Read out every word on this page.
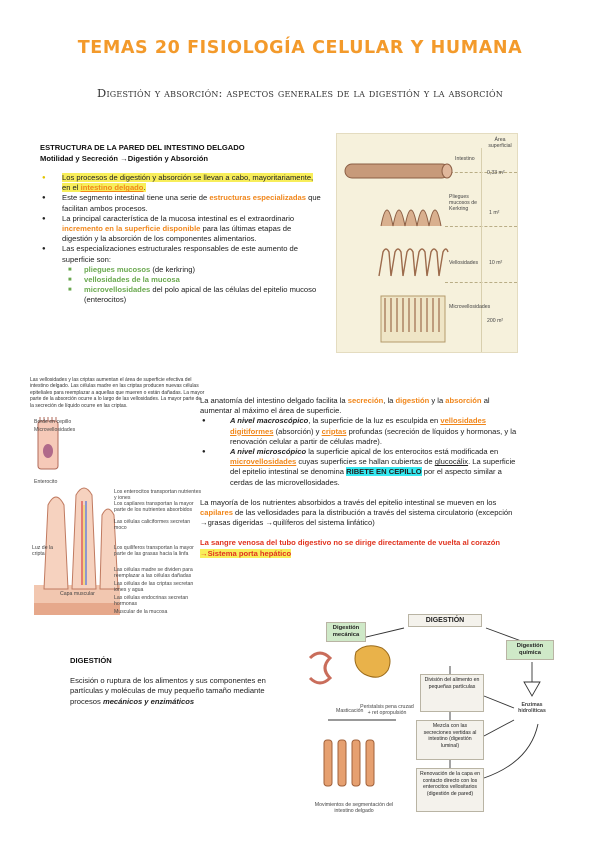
TEMAS 20 FISIOLOGÍA CELULAR Y HUMANA
Digestión y absorción: aspectos generales de la digestión y la absorción
ESTRUCTURA DE LA PARED DEL INTESTINO DELGADO
Motilidad y Secreción →Digestión y Absorción
● Los procesos de digestión y absorción se llevan a cabo, mayoritariamente, en el intestino delgado.
● Este segmento intestinal tiene una serie de estructuras especializadas que facilitan ambos procesos.
● La principal característica de la mucosa intestinal es el extraordinario incremento en la superficie disponible para las últimas etapas de digestión y la absorción de los componentes alimentarios.
● Las especializaciones estructurales responsables de este aumento de superficie son:
■ pliegues mucosos (de kerkring)
■ vellosidades de la mucosa
■ microvellosidades del polo apical de las células del epitelio mucoso (enterocitos)
Área superficial
Intestino
0,33 m²
Pliegues mucosos de Kerkring
1 m²
Vellosidades 10 m²
Microvellosidades
200 m²
Las vellosidades y las criptas aumentan el área de superficie efectiva del intestino delgado. Las células madre en las criptas producen nuevas células epiteliales para reemplazar a aquellas que mueren o están dañadas. La mayor parte de la absorción ocurre a lo largo de las vellosidades. La mayor parte de la secreción de líquido ocurre en las criptas.
Borde en cepillo
Microvellosidades
Enterocito
Los enterocitos transportan nutrientes y iones
Los capilares transportan la mayor parte de los nutrientes absorbidos
Las células caliciformes secretan moco
Los quilíferos transportan la mayor parte de las grasas hacia la linfa
Las células madre se dividen para reemplazar a las células dañadas
Las células de las criptas secretan iones y agua
Las células endocrinas secretan hormonas
Luz de la cripta
Capa muscular
Muscular de la mucosa
La anatomía del intestino delgado facilita la secreción, la digestión y la absorción al aumentar al máximo el área de superficie.
● A nivel macroscópico, la superficie de la luz es esculpida en vellosidades digitiformes (absorción) y criptas profundas (secreción de líquidos y hormonas, y la renovación celular a partir de células madre).
● A nivel microscópico la superficie apical de los enterocitos está modificada en microvellosidades cuyas superficies se hallan cubiertas de glucocálix. La superficie del epitelio intestinal se denomina RIBETE EN CEPILLO por el aspecto similar a cerdas de las microvellosidades.
La mayoría de los nutrientes absorbidos a través del epitelio intestinal se mueven en los capilares de las vellosidades para la distribución a través del sistema circulatorio (excepción →grasas digeridas →quilíferos del sistema linfático)
La sangre venosa del tubo digestivo no se dirige directamente de vuelta al corazón →Sistema porta hepático
DIGESTIÓN
Escisión o ruptura de los alimentos y sus componentes en partículas y moléculas de muy pequeño tamaño mediante procesos mecánicos y enzimáticos
DIGESTIÓN
Digestión mecánica
Digestión química
Masticación
Peristalsis pena cruzad + ret opropulsión
Enzimas hidrolíticas
División del alimento en pequeñas partículas
Mezcla con las secreciones vertidas al intestino (digestión luminal)
Renovación de la capa en contacto directo con los enterocitos vellositarios (digestión de pared)
Movimientos de segmentación del intestino delgado
